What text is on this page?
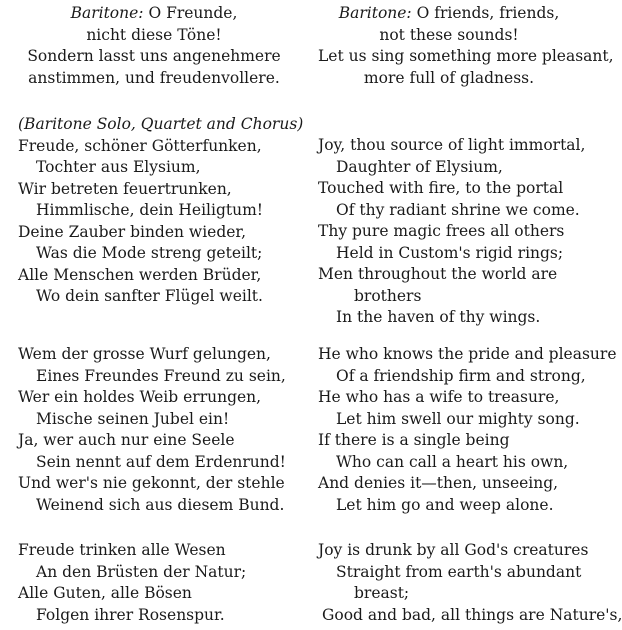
Baritone: O Freunde,
nicht diese Töne!
Sondern lasst uns angenehmere
anstimmen, und freudenvollere.
(Baritone Solo, Quartet and Chorus)
Freude, schöner Götterfunken,
Tochter aus Elysium,
Wir betreten feuertrunken,
Himmlische, dein Heiligtum!
Deine Zauber binden wieder,
Was die Mode streng geteilt;
Alle Menschen werden Brüder,
Wo dein sanfter Flügel weilt.
Wem der grosse Wurf gelungen,
Eines Freundes Freund zu sein,
Wer ein holdes Weib errungen,
Mische seinen Jubel ein!
Ja, wer auch nur eine Seele
Sein nennt auf dem Erdenrund!
Und wer's nie gekonnt, der stehle
Weinend sich aus diesem Bund.
Freude trinken alle Wesen
An den Brüsten der Natur;
Alle Guten, alle Bösen
Folgen ihrer Rosenspur.
Baritone: O friends, friends,
not these sounds!
Let us sing something more pleasant,
more full of gladness.
Joy, thou source of light immortal,
Daughter of Elysium,
Touched with fire, to the portal
Of thy radiant shrine we come.
Thy pure magic frees all others
Held in Custom's rigid rings;
Men throughout the world are
brothers
In the haven of thy wings.
He who knows the pride and pleasure
Of a friendship firm and strong,
He who has a wife to treasure,
Let him swell our mighty song.
If there is a single being
Who can call a heart his own,
And denies it—then, unseeing,
Let him go and weep alone.
Joy is drunk by all God's creatures
Straight from earth's abundant
breast;
Good and bad, all things are Nature's,
